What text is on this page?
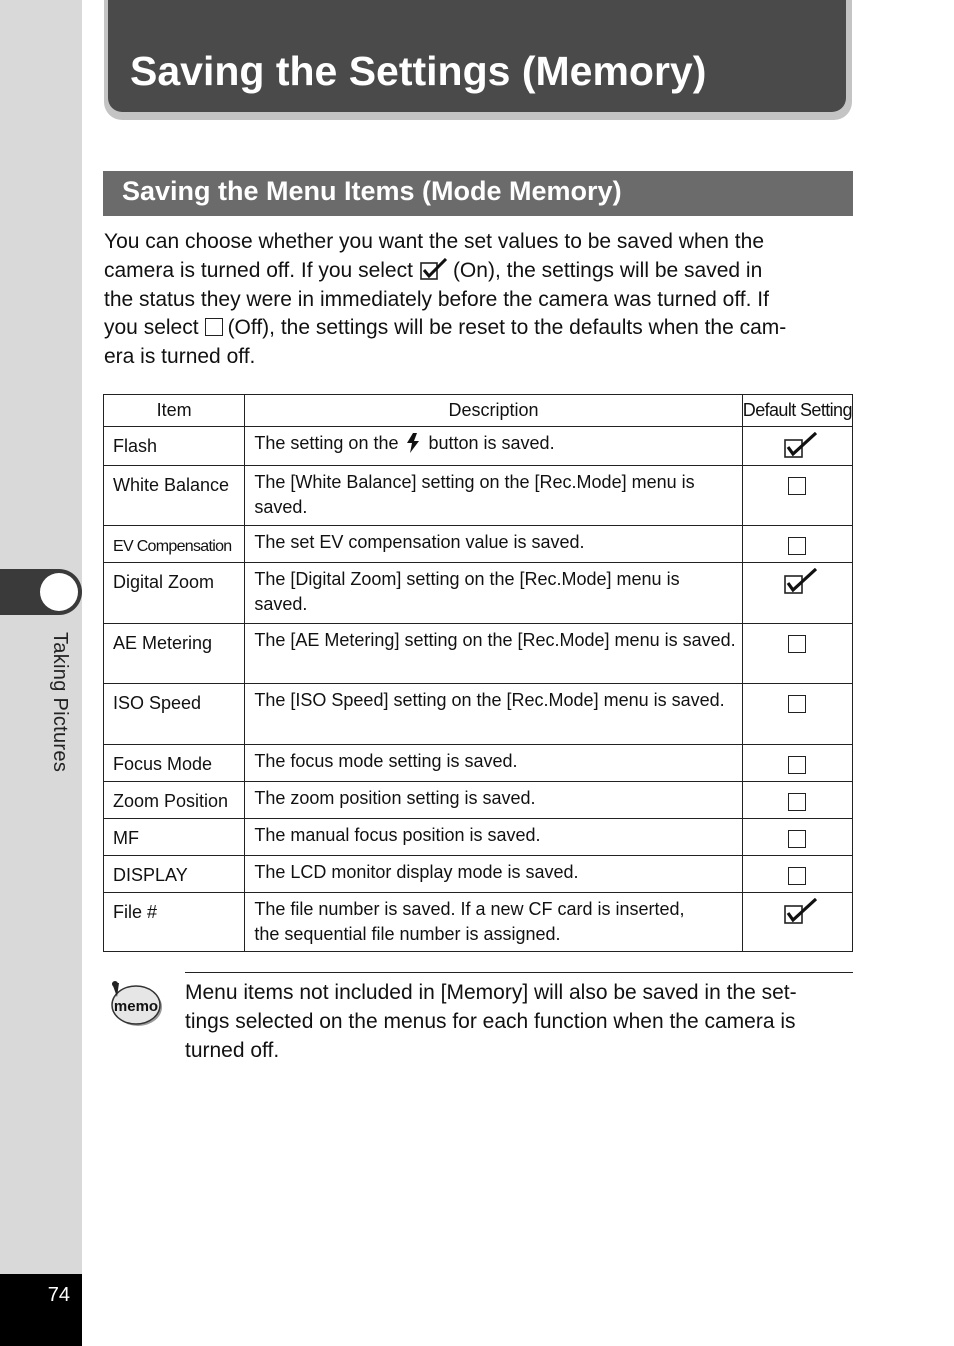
Taking Pictures
74
Saving the Settings (Memory)
Saving the Menu Items (Mode Memory)
You can choose whether you want the set values to be saved when the
camera is turned off. If you select (On), the settings will be saved in
the status they were in immediately before the camera was turned off. If
you select (Off), the settings will be reset to the defaults when the cam-
era is turned off.
Item	Description	Default Setting
Flash	The setting on the button is saved.	
White Balance	The [White Balance] setting on the [Rec.Mode] menu is saved.	
EV Compensation	The set EV compensation value is saved.	
Digital Zoom	The [Digital Zoom] setting on the [Rec.Mode] menu is saved.	
AE Metering	The [AE Metering] setting on the [Rec.Mode] menu is saved.	
ISO Speed	The [ISO Speed] setting on the [Rec.Mode] menu is saved.	
Focus Mode	The focus mode setting is saved.	
Zoom Position	The zoom position setting is saved.	
MF	The manual focus position is saved.	
DISPLAY	The LCD monitor display mode is saved.	
File #	The file number is saved. If a new CF card is inserted,
the sequential file number is assigned.

memo
Menu items not included in [Memory] will also be saved in the set-
tings selected on the menus for each function when the camera is
turned off.
